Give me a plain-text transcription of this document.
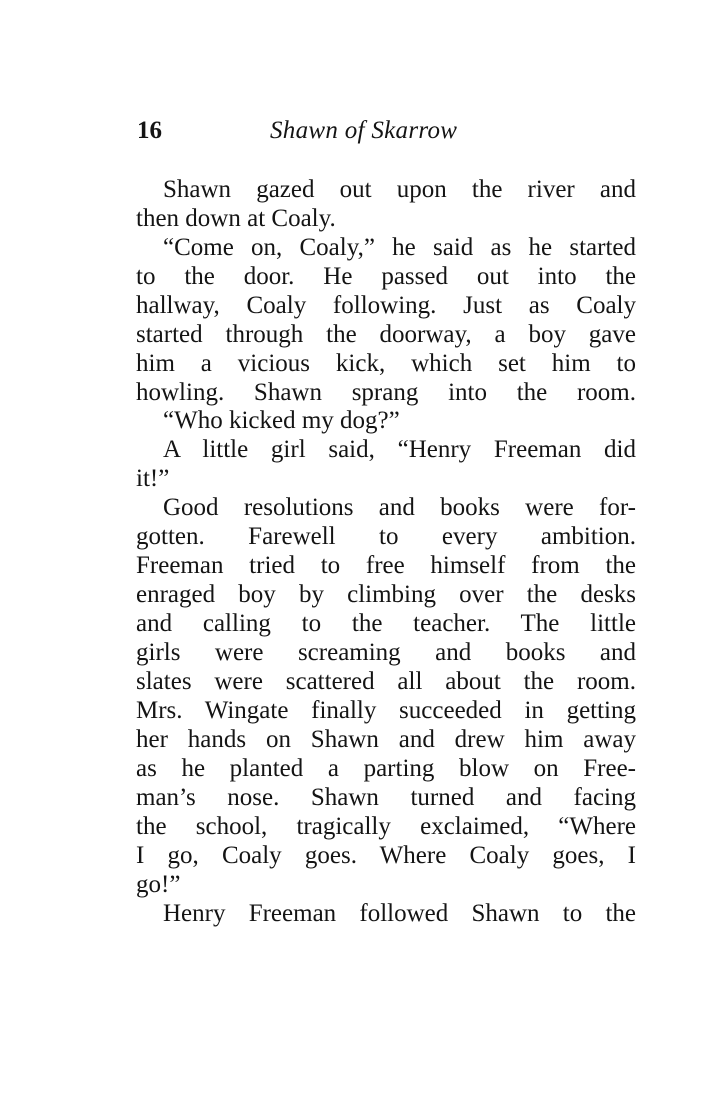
16	Shawn of Skarrow
Shawn gazed out upon the river and
then down at Coaly.
“Come on, Coaly,” he said as he started
to the door. He passed out into the
hallway, Coaly following. Just as Coaly
started through the doorway, a boy gave
him a vicious kick, which set him to
howling. Shawn sprang into the room.
“Who kicked my dog?”
A little girl said, “Henry Freeman did
it!”
Good resolutions and books were for-
gotten. Farewell to every ambition.
Freeman tried to free himself from the
enraged boy by climbing over the desks
and calling to the teacher. The little
girls were screaming and books and
slates were scattered all about the room.
Mrs. Wingate finally succeeded in getting
her hands on Shawn and drew him away
as he planted a parting blow on Free-
man’s nose. Shawn turned and facing
the school, tragically exclaimed, “Where
I go, Coaly goes. Where Coaly goes, I
go!”
Henry Freeman followed Shawn to the
